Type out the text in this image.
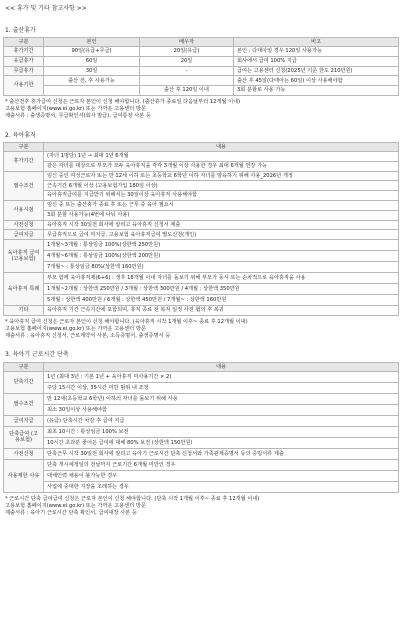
<< 휴가 및 기타 참고사항 >>
1. 출산휴가
구분	본인	배우자	비고
휴가기간	90일(유급+무급)	20일(유급)	본인 : 다태아일 경우 120일 사용가능
유급휴가	60일	20일	회사에서 급여 100% 지급
무급휴가	30일	-	급여는 고용센터 신청(2025년 기준 한도 210만원)
사용기한	출산 전, 후 사용가능		출산 후 45일(다태아는 60일) 이상 사용해야함
		출산 후 120일 이내	3회 분할로 사용 가능

* 출산전후 휴가급여 신청은 근로자 본인이 신청 해야합니다. (출산휴가 종료일 다음날부터 12개월 이내)

고용보험 홈페이지(www.ei.go.kr) 또는 가까운 고용센터 방문

제출서류 : 출생증명서, 무급확인서(회사 발급), 급여통장 사본 등

2. 육아휴직
구분	내용
휴가기간	(자녀 1명당) 1년 → 최대 1년 6개월
	같은 자녀를 대상으로 부모가 모두 육아휴직을 각각 3개월 이상 사용한 경우 최대 6개월 연장 가능
필수조건	임신 중인 여성근로자 또는 만 12세 이하 또는 초등학교 6학년 이하 자녀를 양육하기 위해 사용_2026년 개정
	근속기간 6개월 이상 (고용보험가입 180일 이상)
	육아휴직급여를 지급받기 위해서는 30일이상 육아휴직 사용해야함
사용시점	임신 중 또는 출산휴가 종료 후 또는 근무 중 육아 필요시
	3회 분할 사용가능(4번에 나눠 사용)
사전신청	육아휴직 시작 30일전 회사에 알리고 육아휴직 신청서 제출
급여지급	무급휴직으로 급여 미지급, 고용보험 육아휴직급여 별도신청(개인)
육아휴직 급여 (고용보험)	1개월~3개월 : 통상임금 100%(상한액 250만원)
	4개월~6개월 : 통상임금 100%(상한액 200만원)
	7개월~ : 통상임금 80%(상한액 160만원)
육아휴직 특례	부모 함께 육아휴직제(6+6) : 생후 18개월 이내 자녀를 돌보기 위해 부모가 동시 또는 순차적으로 육아휴직을 사용
	1개월~2개월 : 상한액 250만원 / 3개월 : 상한액 300만원 / 4개월 : 상한액 350만원
	5개월 : 상한액 400만원 / 6개월 : 상한액 450만원 / 7개월~ : 상한액 160만원
기타	육아휴직 기간 근속기간에 포함되며, 휴직 종료 전 복직 일정 사전 협의 후 복귀

* 육아휴직 급여 신청은 근로자 본인이 신청 해야합니다. (육아휴직 시작 1개월 이후~ 종료 후 12개월 이내)

고용보험 홈페이지(www.ei.go.kr) 또는 가까운 고용센터 방문

제출서류 : 육아휴직 신청서, 근로계약서 사본, 소득증명서, 출생증명서 등

3. 육아기 근로시간 단축
구분	내용
단축기간	1년 (최대 3년 : 기본 1년 + 육아휴직 미사용기간 × 2)
	주당 15시간 이상, 35시간 미만 범위 내 조정
필수조건	만 12세(초등학교 6학년) 이하의 자녀를 돌보기 위해 사용
	최소 30일이상 사용해야함
급여지급	(유급) 단축시간 차감 후 급여 지급
단축급여 (고용보험)	최초 10시간 : 통상임금 100% 보전
	10시간 초과분 줄어든 급여에 대해 80% 보전 (상한액 150만원)
사전신청	단축근무 시작 30일전 회사에 알리고 육아기 근로시간 단축 신청서와 가족관계증명서 등의 증빙서류 제출
사용제한 사유	단축 개시예정일의 전날까지 근로기간 6개월 미만인 경우
	대체인력 채용이 불가능한 경우
	사업에 중대한 지장을 초래하는 경우

* 근로시간 단축 급여급여 신청은 근로자 본인이 신청 해야합니다. (단축 시작 1개월 이후~ 종료 후 12개월 이내)

고용보험 홈페이지(www.ei.go.kr) 또는 가까운 고용센터 방문

제출서류 : 육아기 근로시간 단축 확인서, 급여대장 사본 등
